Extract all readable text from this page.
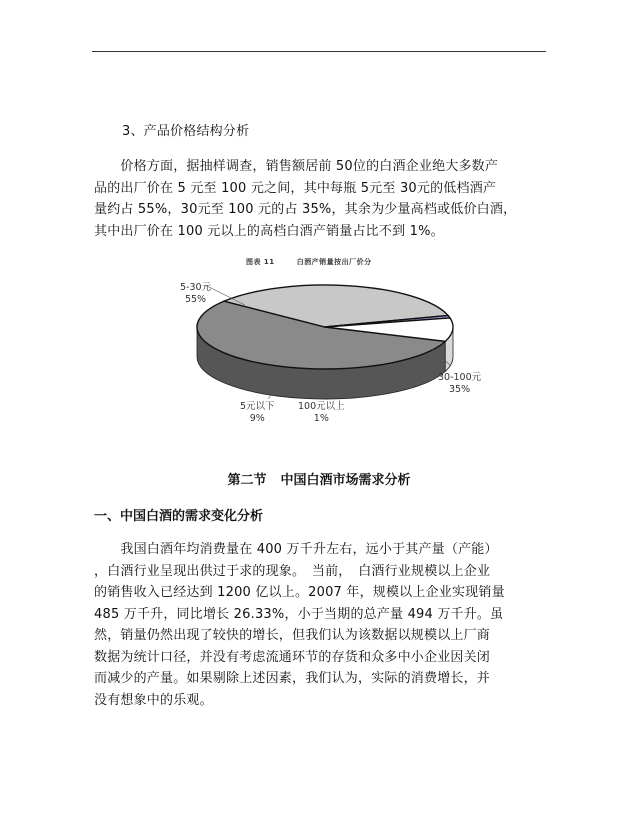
3、产品价格结构分析
　　价格方面，据抽样调查，销售额居前 50位的白酒企业绝大多数产
品的出厂价在 5 元至 100 元之间，其中每瓶 5元至 30元的低档酒产
量约占 55%，30元至 100 元的占 35%，其余为少量高档或低价白酒，
其中出厂价在 100 元以上的高档白酒产销量占比不到 1%。
图表 11	白酒产销量按出厂价分
5-30元
55%
30-100元
35%
100元以上
1%
5元以下
9%
第二节 中国白酒市场需求分析
一、中国白酒的需求变化分析
　　我国白酒年均消费量在 400 万千升左右，远小于其产量（产能）
，白酒行业呈现出供过于求的现象。　当前，　白酒行业规模以上企业
的销售收入已经达到 1200 亿以上。2007 年，规模以上企业实现销量
485 万千升，同比增长 26.33%，小于当期的总产量 494 万千升。虽
然，销量仍然出现了较快的增长，但我们认为该数据以规模以上厂商
数据为统计口径，并没有考虑流通环节的存货和众多中小企业因关闭
而减少的产量。如果剔除上述因素，我们认为，实际的消费增长，并
没有想象中的乐观。
